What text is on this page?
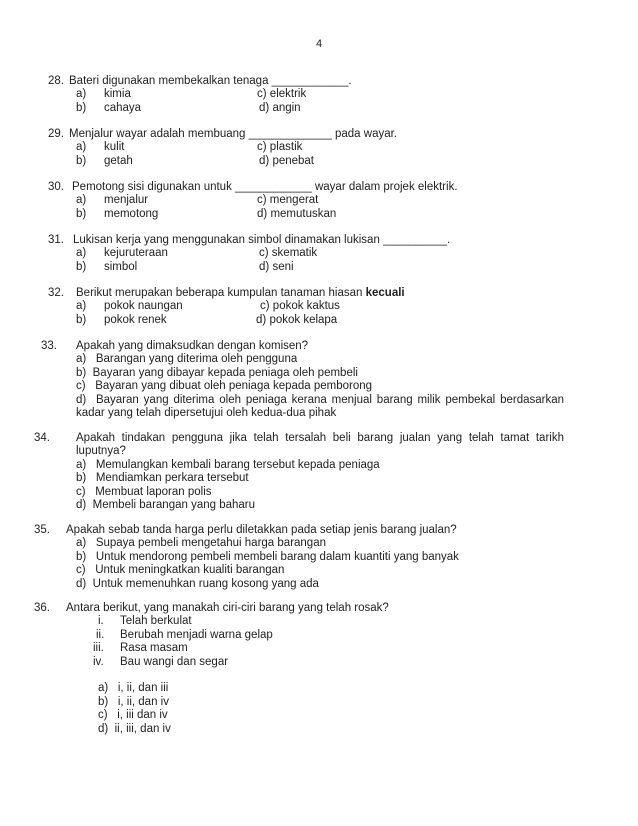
4
28. Bateri digunakan membekalkan tenaga ____________.
a) kimia	c) elektrik
b) cahaya	d) angin
29. Menjalur wayar adalah membuang _____________ pada wayar.
a) kulit	c) plastik
b) getah	d) penebat
30. Pemotong sisi digunakan untuk ____________ wayar dalam projek elektrik.
a) menjalur	c) mengerat
b) memotong	d) memutuskan
31. Lukisan kerja yang menggunakan simbol dinamakan lukisan __________.
a) kejuruteraan	c) skematik
b) simbol	d) seni
32. Berikut merupakan beberapa kumpulan tanaman hiasan kecuali
a) pokok naungan	c) pokok kaktus
b) pokok renek	d) pokok kelapa
33. Apakah yang dimaksudkan dengan komisen?
a) Barangan yang diterima oleh pengguna
b) Bayaran yang dibayar kepada peniaga oleh pembeli
c) Bayaran yang dibuat oleh peniaga kepada pemborong
d) Bayaran yang diterima oleh peniaga kerana menjual barang milik pembekal berdasarkan kadar yang telah dipersetujui oleh kedua-dua pihak
34. Apakah tindakan pengguna jika telah tersalah beli barang jualan yang telah tamat tarikh luputnya?
a) Memulangkan kembali barang tersebut kepada peniaga
b) Mendiamkan perkara tersebut
c) Membuat laporan polis
d) Membeli barangan yang baharu
35. Apakah sebab tanda harga perlu diletakkan pada setiap jenis barang jualan?
a) Supaya pembeli mengetahui harga barangan
b) Untuk mendorong pembeli membeli barang dalam kuantiti yang banyak
c) Untuk meningkatkan kualiti barangan
d) Untuk memenuhkan ruang kosong yang ada
36. Antara berikut, yang manakah ciri-ciri barang yang telah rosak?
i. Telah berkulat
ii. Berubah menjadi warna gelap
iii. Rasa masam
iv. Bau wangi dan segar
a) i, ii, dan iii
b) i, ii, dan iv
c) i, iii dan iv
d) ii, iii, dan iv
